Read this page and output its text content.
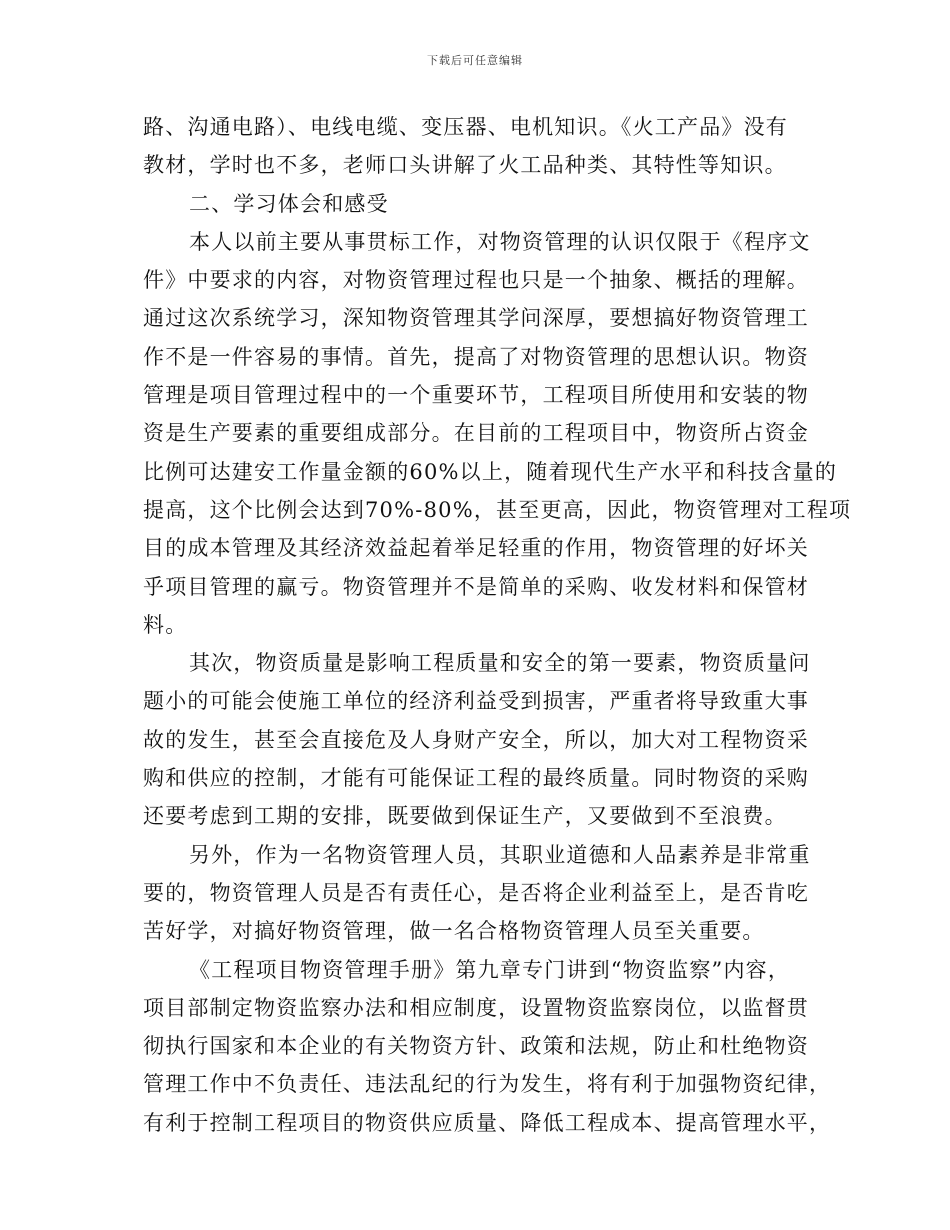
下载后可任意编辑
路、沟通电路）、电线电缆、变压器、电机知识。《火工产品》没有
教材，学时也不多，老师口头讲解了火工品种类、其特性等知识。
二、学习体会和感受
本人以前主要从事贯标工作，对物资管理的认识仅限于《程序文
件》中要求的内容，对物资管理过程也只是一个抽象、概括的理解。
通过这次系统学习，深知物资管理其学问深厚，要想搞好物资管理工
作不是一件容易的事情。首先，提高了对物资管理的思想认识。物资
管理是项目管理过程中的一个重要环节，工程项目所使用和安装的物
资是生产要素的重要组成部分。在目前的工程项目中，物资所占资金
比例可达建安工作量金额的60%以上，随着现代生产水平和科技含量的
提高，这个比例会达到70%-80%，甚至更高，因此，物资管理对工程项
目的成本管理及其经济效益起着举足轻重的作用，物资管理的好坏关
乎项目管理的赢亏。物资管理并不是简单的采购、收发材料和保管材
料。
其次，物资质量是影响工程质量和安全的第一要素，物资质量问
题小的可能会使施工单位的经济利益受到损害，严重者将导致重大事
故的发生，甚至会直接危及人身财产安全，所以，加大对工程物资采
购和供应的控制，才能有可能保证工程的最终质量。同时物资的采购
还要考虑到工期的安排，既要做到保证生产，又要做到不至浪费。
另外，作为一名物资管理人员，其职业道德和人品素养是非常重
要的，物资管理人员是否有责任心，是否将企业利益至上，是否肯吃
苦好学，对搞好物资管理，做一名合格物资管理人员至关重要。
《工程项目物资管理手册》第九章专门讲到“物资监察”内容，
项目部制定物资监察办法和相应制度，设置物资监察岗位，以监督贯
彻执行国家和本企业的有关物资方针、政策和法规，防止和杜绝物资
管理工作中不负责任、违法乱纪的行为发生，将有利于加强物资纪律，
有利于控制工程项目的物资供应质量、降低工程成本、提高管理水平，
